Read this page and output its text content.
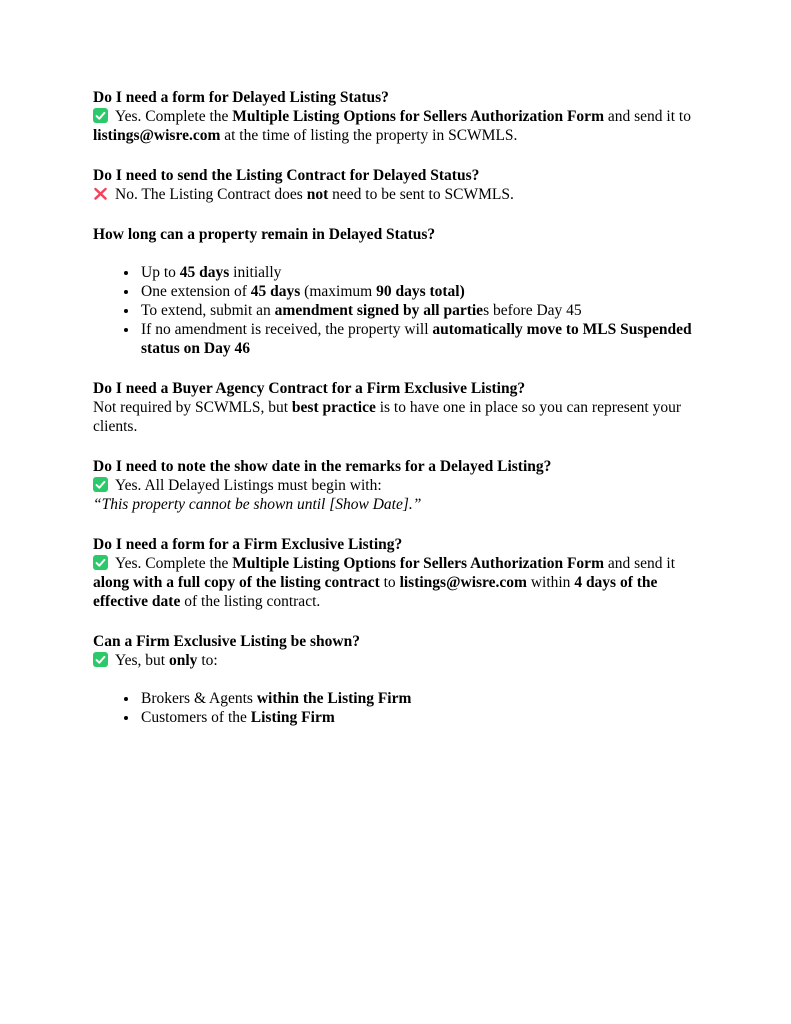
Do I need a form for Delayed Listing Status?

Yes. Complete the Multiple Listing Options for Sellers Authorization Form and send it to listings@wisre.com at the time of listing the property in SCWMLS.

Do I need to send the Listing Contract for Delayed Status?

No. The Listing Contract does not need to be sent to SCWMLS.

How long can a property remain in Delayed Status?
• Up to 45 days initially
• One extension of 45 days (maximum 90 days total)
• To extend, submit an amendment signed by all parties before Day 45
• If no amendment is received, the property will automatically move to MLS Suspended status on Day 46
Do I need a Buyer Agency Contract for a Firm Exclusive Listing?

Not required by SCWMLS, but best practice is to have one in place so you can represent your clients.

Do I need to note the show date in the remarks for a Delayed Listing?

Yes. All Delayed Listings must begin with:

“This property cannot be shown until [Show Date].”

Do I need a form for a Firm Exclusive Listing?

Yes. Complete the Multiple Listing Options for Sellers Authorization Form and send it along with a full copy of the listing contract to listings@wisre.com within 4 days of the effective date of the listing contract.

Can a Firm Exclusive Listing be shown?

Yes, but only to:

• Brokers & Agents within the Listing Firm
• Customers of the Listing Firm
